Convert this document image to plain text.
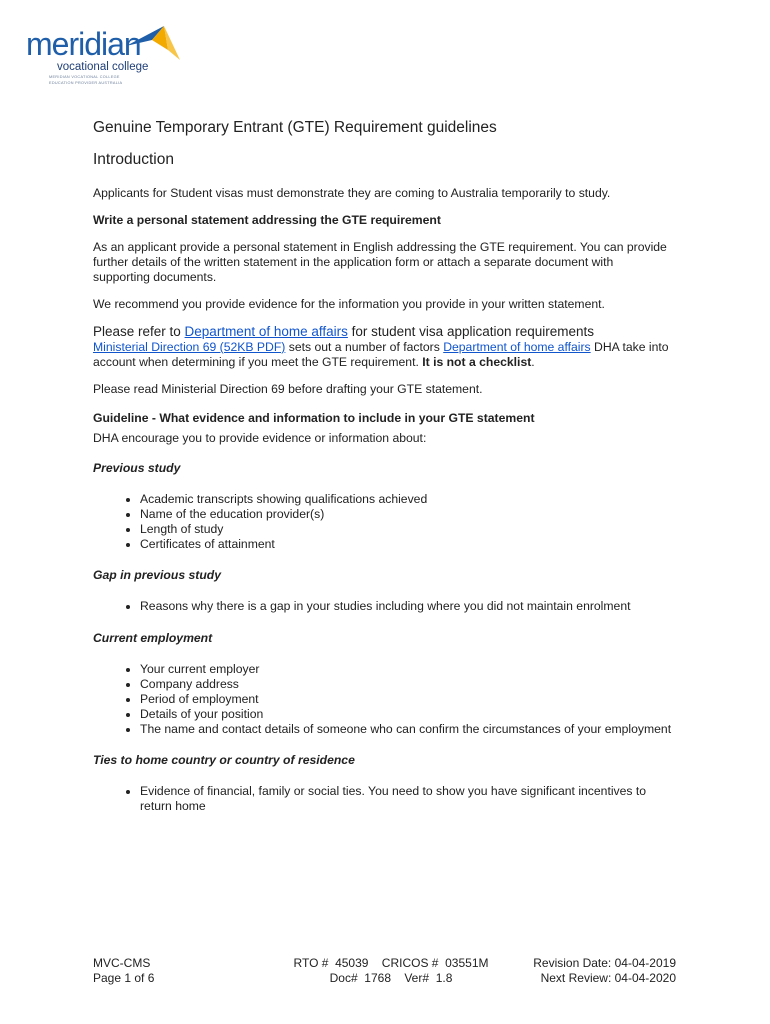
meridian
vocational college
MERIDIAN VOCATIONAL COLLEGE
EDUCATION PROVIDER AUSTRALIA
Genuine Temporary Entrant (GTE) Requirement guidelines
Introduction

Applicants for Student visas must demonstrate they are coming to Australia temporarily to study.

Write a personal statement addressing the GTE requirement

As an applicant provide a personal statement in English addressing the GTE requirement. You can provide further details of the written statement in the application form or attach a separate document with supporting documents.

We recommend you provide evidence for the information you provide in your written statement.

Please refer to Department of home affairs for student visa application requirements
Ministerial Direction 69 (52KB PDF) sets out a number of factors Department of home affairs DHA take into account when determining if you meet the GTE requirement. It is not a checklist.

Please read Ministerial Direction 69 before drafting your GTE statement.

Guideline - What evidence and information to include in your GTE statement

DHA encourage you to provide evidence or information about:

Previous study

• Academic transcripts showing qualifications achieved
• Name of the education provider(s)
• Length of study
• Certificates of attainment

Gap in previous study

• Reasons why there is a gap in your studies including where you did not maintain enrolment

Current employment

• Your current employer
• Company address
• Period of employment
• Details of your position
• The name and contact details of someone who can confirm the circumstances of your employment

Ties to home country or country of residence

• Evidence of financial, family or social ties. You need to show you have significant incentives to return home
MVC-CMS
Page 1 of 6
RTO #  45039    CRICOS #  03551M
Doc#  1768    Ver#  1.8
Revision Date: 04-04-2019
Next Review: 04-04-2020
